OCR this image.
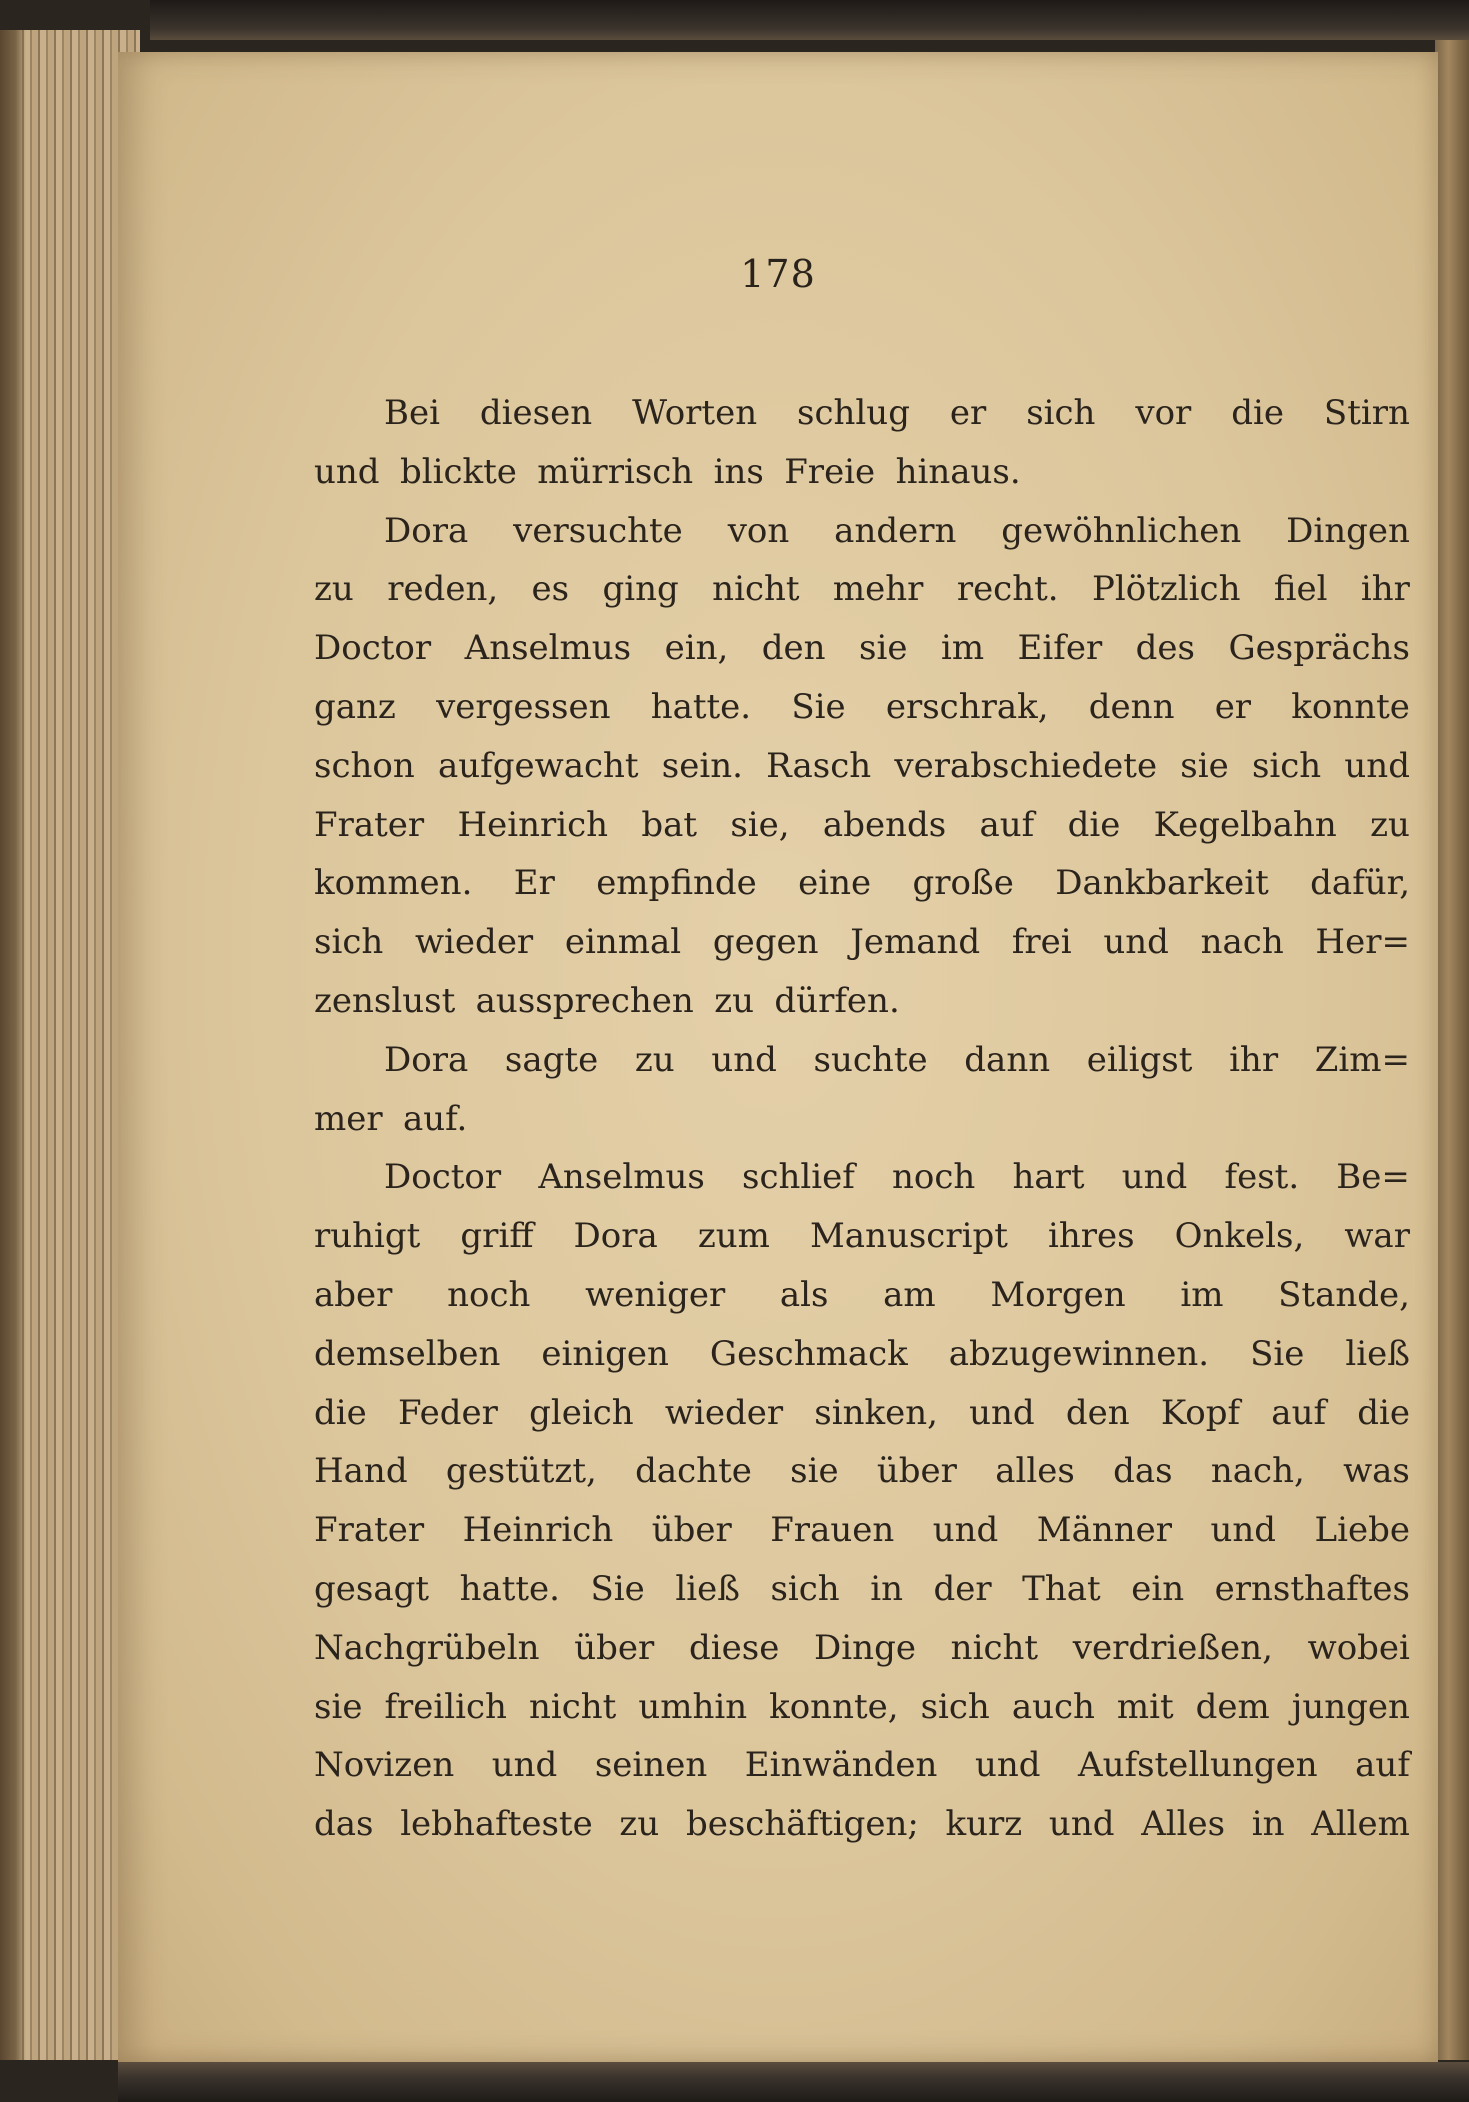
178
Bei diesen Worten schlug er sich vor die Stirn
und blickte mürrisch ins Freie hinaus.
Dora versuchte von andern gewöhnlichen Dingen
zu reden, es ging nicht mehr recht. Plötzlich fiel ihr
Doctor Anselmus ein, den sie im Eifer des Gesprächs
ganz vergessen hatte. Sie erschrak, denn er konnte
schon aufgewacht sein. Rasch verabschiedete sie sich und
Frater Heinrich bat sie, abends auf die Kegelbahn zu
kommen. Er empfinde eine große Dankbarkeit dafür,
sich wieder einmal gegen Jemand frei und nach Her=
zenslust aussprechen zu dürfen.
Dora sagte zu und suchte dann eiligst ihr Zim=
mer auf.
Doctor Anselmus schlief noch hart und fest. Be=
ruhigt griff Dora zum Manuscript ihres Onkels, war
aber noch weniger als am Morgen im Stande,
demselben einigen Geschmack abzugewinnen. Sie ließ
die Feder gleich wieder sinken, und den Kopf auf die
Hand gestützt, dachte sie über alles das nach, was
Frater Heinrich über Frauen und Männer und Liebe
gesagt hatte. Sie ließ sich in der That ein ernsthaftes
Nachgrübeln über diese Dinge nicht verdrießen, wobei
sie freilich nicht umhin konnte, sich auch mit dem jungen
Novizen und seinen Einwänden und Aufstellungen auf
das lebhafteste zu beschäftigen; kurz und Alles in Allem
